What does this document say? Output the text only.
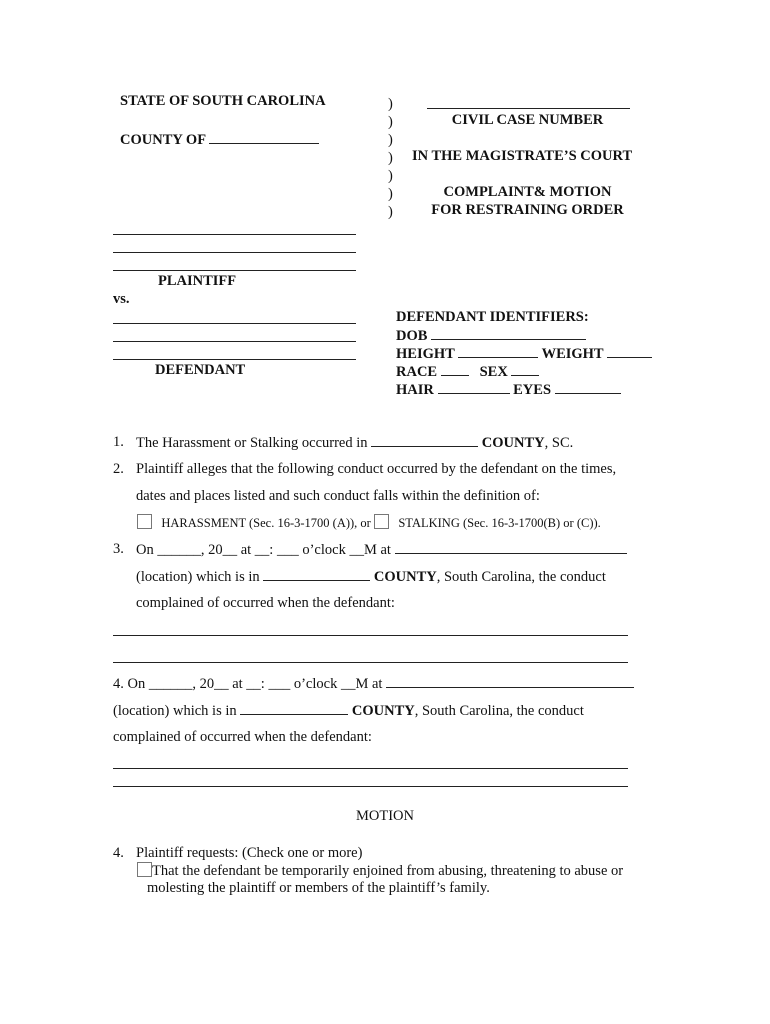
STATE OF SOUTH CAROLINA
COUNTY OF
)
)
)
)
)
)
)
CIVIL CASE NUMBER
IN THE MAGISTRATE’S COURT
COMPLAINT& MOTION
FOR RESTRAINING ORDER
PLAINTIFF
vs.
DEFENDANT
DEFENDANT IDENTIFIERS:
DOB
HEIGHT	WEIGHT
RACE	SEX
HAIR	EYES
1. The Harassment or Stalking occurred in	COUNTY, SC.
2. Plaintiff alleges that the following conduct occurred by the defendant on the times,
dates and places listed and such conduct falls within the definition of:
HARASSMENT (Sec. 16-3-1700 (A)), or STALKING (Sec. 16-3-1700(B) or (C)).
3. On ______, 20__ at __: ___ o’clock __M at
(location) which is in	COUNTY, South Carolina, the conduct
complained of occurred when the defendant:
4. On ______, 20__ at __: ___ o’clock __M at
(location) which is in	COUNTY, South Carolina, the conduct
complained of occurred when the defendant:
MOTION
4. Plaintiff requests: (Check one or more)
That the defendant be temporarily enjoined from abusing, threatening to abuse or
molesting the plaintiff or members of the plaintiff’s family.
